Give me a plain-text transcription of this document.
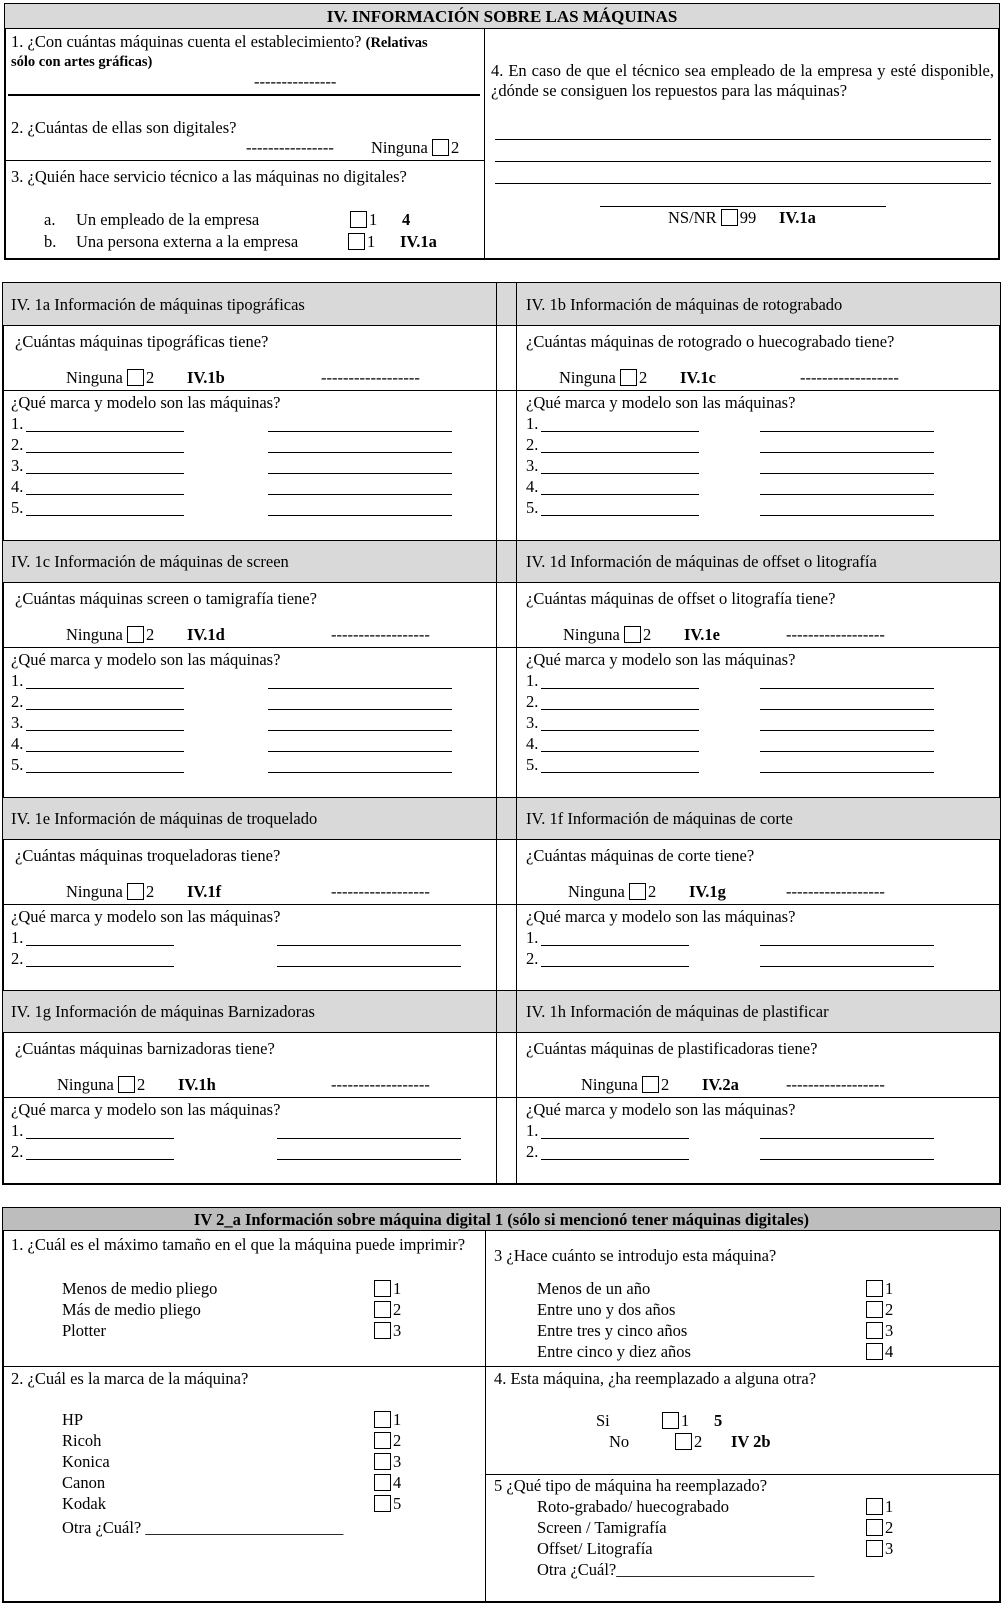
IV. INFORMACIÓN SOBRE LAS MÁQUINAS
1. ¿Con cuántas máquinas cuenta el establecimiento? (Relativas
sólo con artes gráficas)
---------------
2. ¿Cuántas de ellas son digitales?
---------------- Ninguna 2
3. ¿Quién hace servicio técnico a las máquinas no digitales?
a. Un empleado de la empresa	1 4
b. Una persona externa a la empresa	1 IV.1a
4. En caso de que el técnico sea empleado de la empresa y esté disponible, ¿dónde se consiguen los repuestos para las máquinas?
NS/NR 99 IV.1a
IV. 1a Información de máquinas tipográficas
¿Cuántas máquinas tipográficas tiene?
Ninguna 2 IV.1b	------------------
¿Qué marca y modelo son las máquinas?
1.
2.
3.
4.
5.
IV. 1b Información de máquinas de rotograbado
¿Cuántas máquinas de rotogrado o huecograbado tiene?
Ninguna 2 IV.1c	------------------
¿Qué marca y modelo son las máquinas?
1.
2.
3.
4.
5.
IV. 1c Información de máquinas de screen
¿Cuántas máquinas screen o tamigrafía tiene?
Ninguna 2 IV.1d	------------------
¿Qué marca y modelo son las máquinas?
1.
2.
3.
4.
5.
IV. 1d Información de máquinas de offset o litografía
¿Cuántas máquinas de offset o litografía tiene?
Ninguna 2 IV.1e	------------------
¿Qué marca y modelo son las máquinas?
1.
2.
3.
4.
5.
IV. 1e Información de máquinas de troquelado
¿Cuántas máquinas troqueladoras tiene?
Ninguna 2 IV.1f	------------------
¿Qué marca y modelo son las máquinas?
1.
2.
IV. 1f Información de máquinas de corte
¿Cuántas máquinas de corte tiene?
Ninguna 2 IV.1g	------------------
¿Qué marca y modelo son las máquinas?
1.
2.
IV. 1g Información de máquinas Barnizadoras
¿Cuántas máquinas barnizadoras tiene?
Ninguna 2 IV.1h	------------------
¿Qué marca y modelo son las máquinas?
1.
2.
IV. 1h Información de máquinas de plastificar
¿Cuántas máquinas de plastificadoras tiene?
Ninguna 2 IV.2a	------------------
¿Qué marca y modelo son las máquinas?
1.
2.
IV 2_a Información sobre máquina digital 1 (sólo si mencionó tener máquinas digitales)
1. ¿Cuál es el máximo tamaño en el que la máquina puede imprimir?
Menos de medio pliego	1
Más de medio pliego	2
Plotter	3
3 ¿Hace cuánto se introdujo esta máquina?
Menos de un año	1
Entre uno y dos años	2
Entre tres y cinco años	3
Entre cinco y diez años	4
2. ¿Cuál es la marca de la máquina?
HP	1
Ricoh	2
Konica	3
Canon	4
Kodak	5
Otra ¿Cuál? ________________________
4. Esta máquina, ¿ha reemplazado a alguna otra?
Si	1 5
No	2 IV 2b
5 ¿Qué tipo de máquina ha reemplazado?
Roto-grabado/ huecograbado	1
Screen / Tamigrafía	2
Offset/ Litografía	3
Otra ¿Cuál?________________________
